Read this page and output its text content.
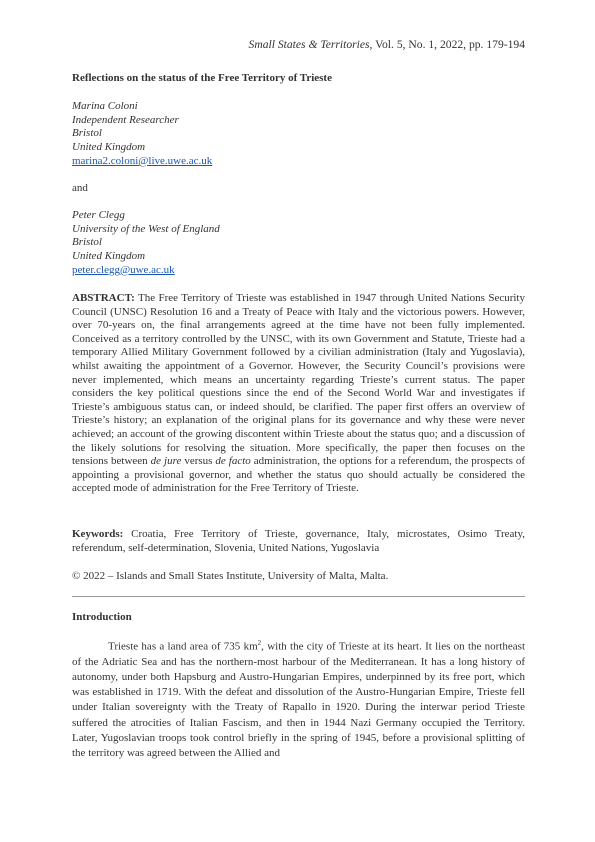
Small States & Territories, Vol. 5, No. 1, 2022, pp. 179-194
Reflections on the status of the Free Territory of Trieste
Marina Coloni
Independent Researcher
Bristol
United Kingdom
marina2.coloni@live.uwe.ac.uk
and
Peter Clegg
University of the West of England
Bristol
United Kingdom
peter.clegg@uwe.ac.uk
ABSTRACT: The Free Territory of Trieste was established in 1947 through United Nations Security Council (UNSC) Resolution 16 and a Treaty of Peace with Italy and the victorious powers. However, over 70-years on, the final arrangements agreed at the time have not been fully implemented. Conceived as a territory controlled by the UNSC, with its own Government and Statute, Trieste had a temporary Allied Military Government followed by a civilian administration (Italy and Yugoslavia), whilst awaiting the appointment of a Governor. However, the Security Council’s provisions were never implemented, which means an uncertainty regarding Trieste’s current status. The paper considers the key political questions since the end of the Second World War and investigates if Trieste’s ambiguous status can, or indeed should, be clarified. The paper first offers an overview of Trieste’s history; an explanation of the original plans for its governance and why these were never achieved; an account of the growing discontent within Trieste about the status quo; and a discussion of the likely solutions for resolving the situation. More specifically, the paper then focuses on the tensions between de jure versus de facto administration, the options for a referendum, the prospects of appointing a provisional governor, and whether the status quo should actually be considered the accepted mode of administration for the Free Territory of Trieste.
Keywords: Croatia, Free Territory of Trieste, governance, Italy, microstates, Osimo Treaty, referendum, self-determination, Slovenia, United Nations, Yugoslavia
© 2022 – Islands and Small States Institute, University of Malta, Malta.
Introduction
Trieste has a land area of 735 $km^2$, with the city of Trieste at its heart. It lies on the northeast of the Adriatic Sea and has the northern-most harbour of the Mediterranean. It has a long history of autonomy, under both Hapsburg and Austro-Hungarian Empires, underpinned by its free port, which was established in 1719. With the defeat and dissolution of the Austro-Hungarian Empire, Trieste fell under Italian sovereignty with the Treaty of Rapallo in 1920. During the interwar period Trieste suffered the atrocities of Italian Fascism, and then in 1944 Nazi Germany occupied the Territory. Later, Yugoslavian troops took control briefly in the spring of 1945, before a provisional splitting of the territory was agreed between the Allied and
